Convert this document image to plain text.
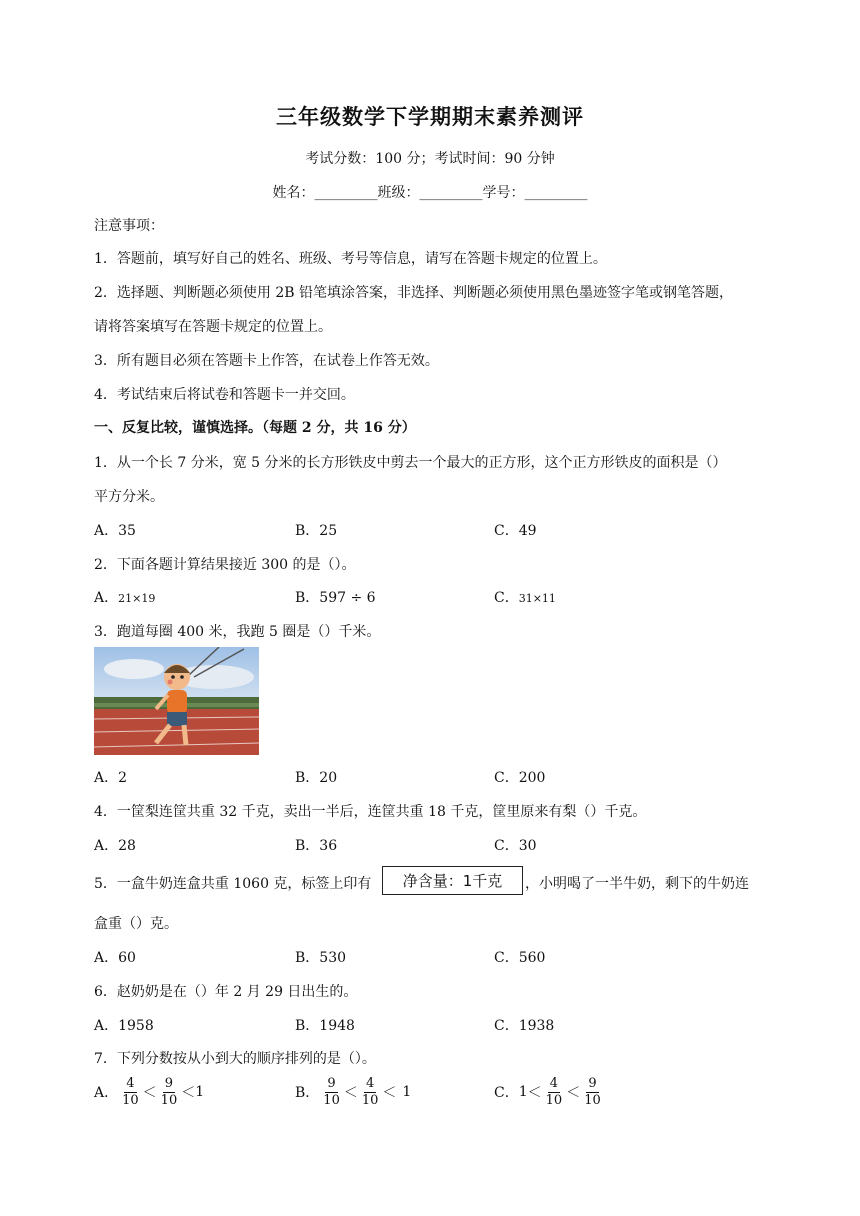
三年级数学下学期期末素养测评
考试分数：100 分；考试时间：90 分钟
姓名：_________班级：_________学号：_________
注意事项：
1．答题前，填写好自己的姓名、班级、考号等信息，请写在答题卡规定的位置上。
2．选择题、判断题必须使用 2B 铅笔填涂答案，非选择、判断题必须使用黑色墨迹签字笔或钢笔答题，
请将答案填写在答题卡规定的位置上。
3．所有题目必须在答题卡上作答，在试卷上作答无效。
4．考试结束后将试卷和答题卡一并交回。
一、反复比较，谨慎选择。（每题 2 分，共 16 分）
1．从一个长 7 分米，宽 5 分米的长方形铁皮中剪去一个最大的正方形，这个正方形铁皮的面积是（）
平方分米。
A．35	B．25	C．49
2．下面各题计算结果接近 300 的是（）。
A．21×19	B．597 ÷ 6	C．31×11
3．跑道每圈 400 米，我跑 5 圈是（）千米。
A．2	B．20	C．200
4．一筐梨连筐共重 32 千克，卖出一半后，连筐共重 18 千克，筐里原来有梨（）千克。
A．28	B．36	C．30
5．一盒牛奶连盒共重 1060 克，标签上印有	净含量：1千克	，小明喝了一半牛奶，剩下的牛奶连
盒重（）克。
A．60	B．530	C．560
6．赵奶奶是在（）年 2 月 29 日出生的。
A．1958	B．1948	C．1938
7．下列分数按从小到大的顺序排列的是（）。
A． $\frac{4}{10} < \frac{9}{10} < 1$	B． $\frac{9}{10} < \frac{4}{10} < 1$	C． $1 < \frac{4}{10} < \frac{9}{10}$
